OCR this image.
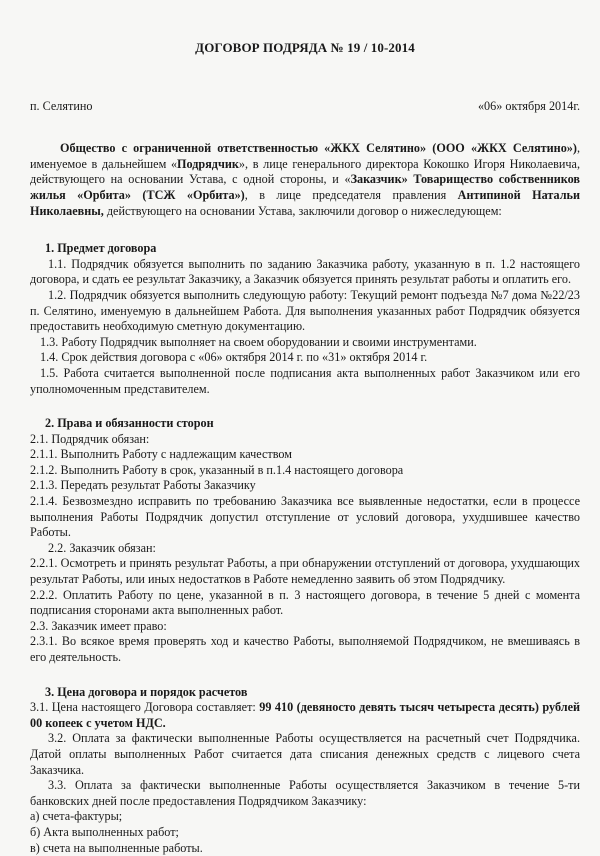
ДОГОВОР ПОДРЯДА № 19 / 10-2014
п. Селятино	«06» октября 2014г.
Общество с ограниченной ответственностью «ЖКХ Селятино» (ООО «ЖКХ Селятино»), именуемое в дальнейшем «Подрядчик», в лице генерального директора Кокошко Игоря Николаевича, действующего на основании Устава, с одной стороны, и «Заказчик» Товарищество собственников жилья «Орбита» (ТСЖ «Орбита»), в лице председателя правления Антипиной Натальи Николаевны, действующего на основании Устава, заключили договор о нижеследующем:
1. Предмет договора
1.1. Подрядчик обязуется выполнить по заданию Заказчика работу, указанную в п. 1.2 настоящего договора, и сдать ее результат Заказчику, а Заказчик обязуется принять результат работы и оплатить его.
1.2. Подрядчик обязуется выполнить следующую работу: Текущий ремонт подъезда №7 дома №22/23 п. Селятино, именуемую в дальнейшем Работа. Для выполнения указанных работ Подрядчик обязуется предоставить необходимую сметную документацию.
1.3. Работу Подрядчик выполняет на своем оборудовании и своими инструментами.
1.4. Срок действия договора с «06» октября 2014 г. по «31» октября 2014 г.
1.5. Работа считается выполненной после подписания акта выполненных работ Заказчиком или его уполномоченным представителем.
2. Права и обязанности сторон
2.1. Подрядчик обязан:
2.1.1. Выполнить Работу с надлежащим качеством
2.1.2. Выполнить Работу в срок, указанный в п.1.4 настоящего договора
2.1.3. Передать результат Работы Заказчику
2.1.4. Безвозмездно исправить по требованию Заказчика все выявленные недостатки, если в процессе выполнения Работы Подрядчик допустил отступление от условий договора, ухудшившее качество Работы.
2.2. Заказчик обязан:
2.2.1. Осмотреть и принять результат Работы, а при обнаружении отступлений от договора, ухудшающих результат Работы, или иных недостатков в Работе немедленно заявить об этом Подрядчику.
2.2.2. Оплатить Работу по цене, указанной в п. 3 настоящего договора, в течение 5 дней с момента подписания сторонами акта выполненных работ.
2.3. Заказчик имеет право:
2.3.1. Во всякое время проверять ход и качество Работы, выполняемой Подрядчиком, не вмешиваясь в его деятельность.
3. Цена договора и порядок расчетов
3.1. Цена настоящего Договора составляет: 99 410 (девяносто девять тысяч четыреста десять) рублей 00 копеек с учетом НДС.
3.2. Оплата за фактически выполненные Работы осуществляется на расчетный счет Подрядчика. Датой оплаты выполненных Работ считается дата списания денежных средств с лицевого счета Заказчика.
3.3. Оплата за фактически выполненные Работы осуществляется Заказчиком в течение 5-ти банковских дней после предоставления Подрядчиком Заказчику:
а) счета-фактуры;
б) Акта выполненных работ;
в) счета на выполненные работы.
